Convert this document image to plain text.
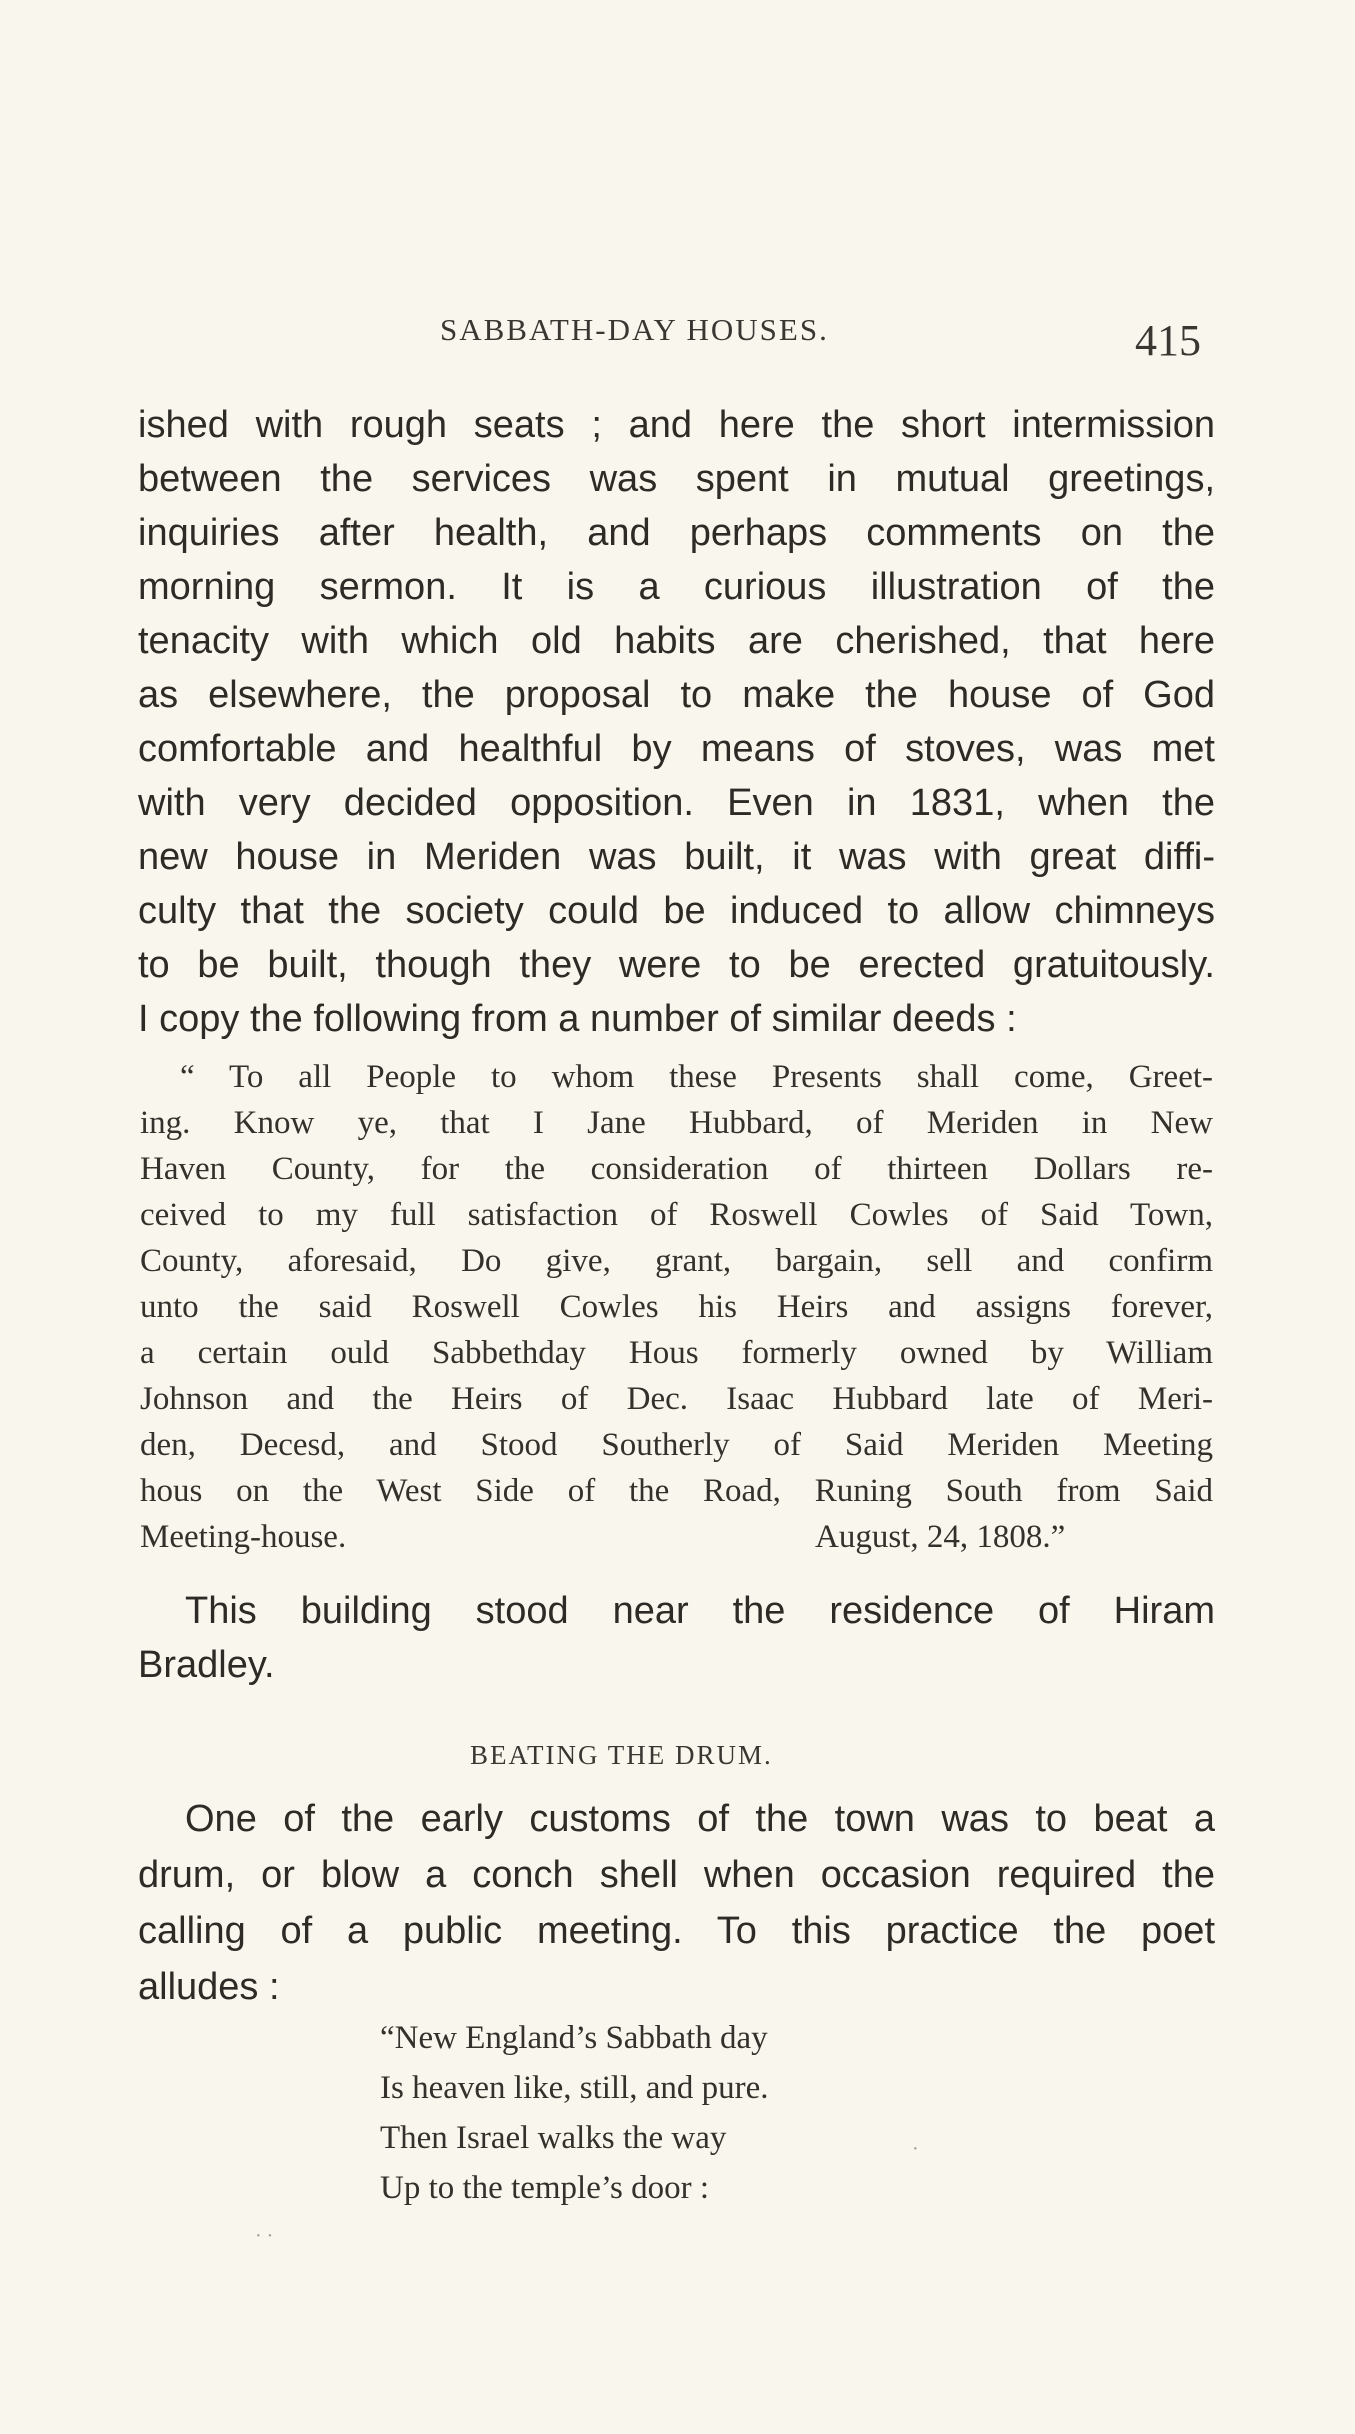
SABBATH-DAY HOUSES.	415
ished with rough seats ; and here the short intermission
between the services was spent in mutual greetings,
inquiries after health, and perhaps comments on the
morning sermon. It is a curious illustration of the
tenacity with which old habits are cherished, that here
as elsewhere, the proposal to make the house of God
comfortable and healthful by means of stoves, was met
with very decided opposition. Even in 1831, when the
new house in Meriden was built, it was with great diffi-
culty that the society could be induced to allow chimneys
to be built, though they were to be erected gratuitously.
I copy the following from a number of similar deeds :
“ To all People to whom these Presents shall come, Greet-
ing. Know ye, that I Jane Hubbard, of Meriden in New
Haven County, for the consideration of thirteen Dollars re-
ceived to my full satisfaction of Roswell Cowles of Said Town,
County, aforesaid, Do give, grant, bargain, sell and confirm
unto the said Roswell Cowles his Heirs and assigns forever,
a certain ould Sabbethday Hous formerly owned by William
Johnson and the Heirs of Dec. Isaac Hubbard late of Meri-
den, Decesd, and Stood Southerly of Said Meriden Meeting
hous on the West Side of the Road, Runing South from Said
Meeting-house.	August, 24, 1808.”
This building stood near the residence of Hiram
Bradley.
BEATING THE DRUM.
One of the early customs of the town was to beat a
drum, or blow a conch shell when occasion required the
calling of a public meeting. To this practice the poet
alludes :
“New England’s Sabbath day
Is heaven like, still, and pure.
Then Israel walks the way
Up to the temple’s door :
· ·
·
